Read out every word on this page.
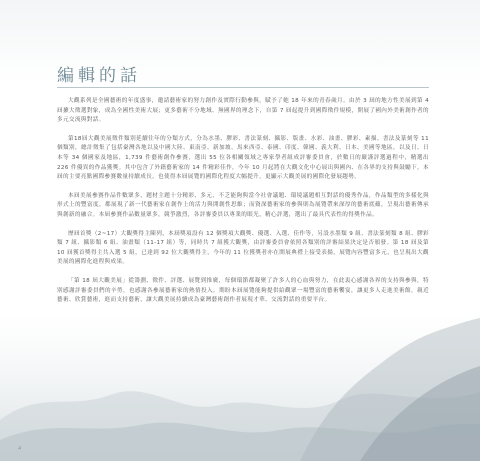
編輯的話

大觀系列是全國藝術的年度盛事，邀請藝術家的努力創作及實際行動參與，賦予了她 18 年來的青春歲月。由於 3 屆的地方性美展到第 4 屆擴大徵選對象，成為全國性美術大展；更多藝術不分地域、無國界的理念下，自第 7 屆起提升到國際徵件規模，開展了國內外美術創作者的多元交流與對話。

第18屆大觀美展徵件類別延續往年的分類方式，分為水墨、膠彩、書法篆刻、攝影、版畫、水彩、油畫、膠彩、素描、書法及篆刻等 11 個類別，總計徵集了包括臺灣各地以及中國大陸、東南亞、新加坡、馬來西亞、泰國、印度、韓國、義大利、日本、美國等地區，以及日、日本等 34 個國家及地區，1,739 件藝術創作參賽，選出 55 位各相關領域之專家學者組成評審委員會，於數日的嚴謹評選過程中，精選出 226 件優異的作品獲獎。其中包含了外籍藝術家的 14 件精彩佳作，今年 10 月起將在大觀文化中心展出與國內、在各界的支持與鼓勵下，本屆的主要亮點國際參賽數量持續成長，也使得本屆展覽的國際化程度大幅提升，更顯示大觀美展的國際化發展趨勢。

本屆美展參賽作品件數眾多，題材主題十分精彩、多元，不乏能夠與當今社會議題、環境議題相互對話的優秀作品，作品類型的多樣化與形式上的豐富度，都展現了新一代藝術家在創作上的活力與開創性思維；而資深藝術家的參與則為展覽帶來深厚的藝術底蘊，呈現出藝術傳承與創新的融合。本屆參賽作品數量眾多，競爭激烈，各評審委員以專業的眼光，精心評選，選出了最具代表性的得獎作品。

歷屆首獎（2~17）大觀獎得主陳列，本屆獎項設有 12 個獎項大觀獎、優選、入選、佳作等，另設水墨類 9 組、書法篆刻類 8 組、膠彩類 7 組、攝影類 6 組、油畫類（11-17 組）等，同時共 7 組獲大觀獎，由評審委員會依照各類別的評審結果決定是否頒發。第 18 屆及第 10 屆獲首獎得主共入選 5 組，已達到 92 位大觀獎得主，今年的 11 位獲獎者亦在開展典禮上接受表揚，展覽內容豐富多元，也呈現出大觀美展的國際化進程與成果。

「第 18 屆大觀美展」從籌劃、徵件、評選、展覽到推廣，每個環節都凝聚了許多人的心血與努力，在此衷心感謝各界的支持與參與，特別感謝評審委員們的辛勞，也感謝各參展藝術家的熱情投入。期盼本屆展覽能夠提供給觀眾一場豐富的藝術饗宴，讓更多人走進美術館，親近

4
